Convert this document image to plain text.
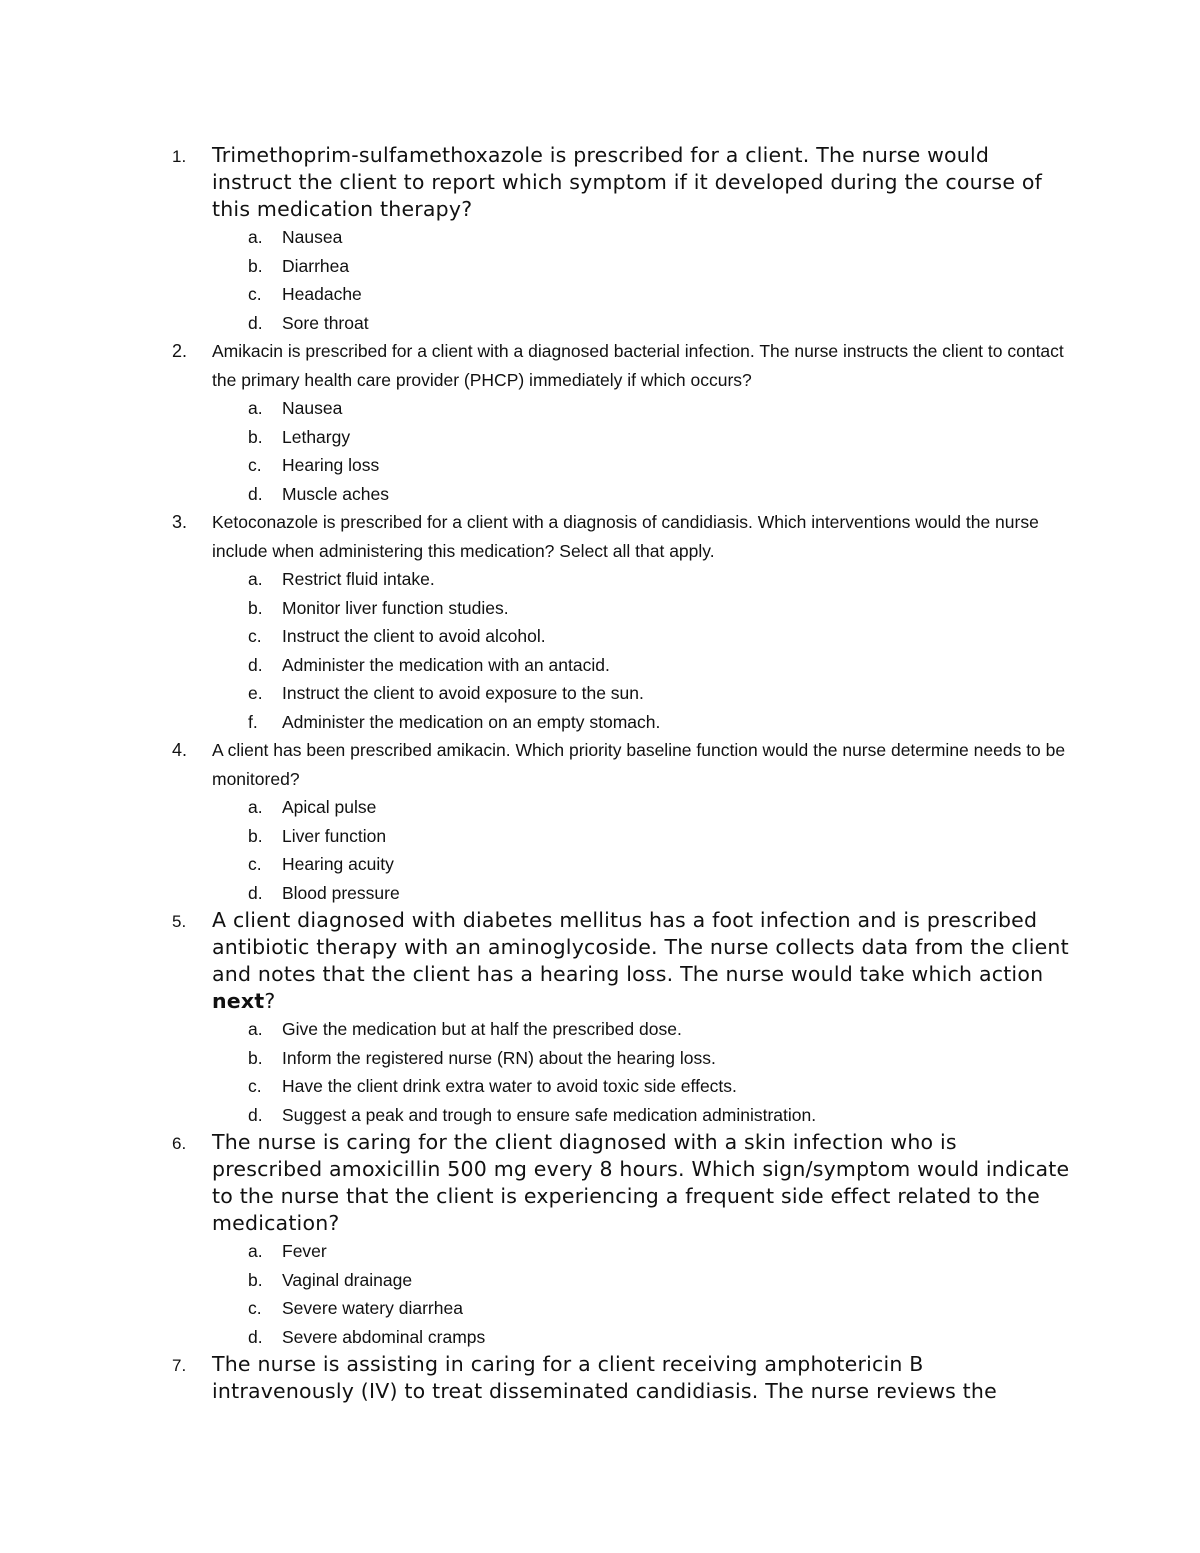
1. Trimethoprim-sulfamethoxazole is prescribed for a client. The nurse would instruct the client to report which symptom if it developed during the course of this medication therapy?
a. Nausea
b. Diarrhea
c. Headache
d. Sore throat
2. Amikacin is prescribed for a client with a diagnosed bacterial infection. The nurse instructs the client to contact the primary health care provider (PHCP) immediately if which occurs?
a. Nausea
b. Lethargy
c. Hearing loss
d. Muscle aches
3. Ketoconazole is prescribed for a client with a diagnosis of candidiasis. Which interventions would the nurse include when administering this medication? Select all that apply.
a. Restrict fluid intake.
b. Monitor liver function studies.
c. Instruct the client to avoid alcohol.
d. Administer the medication with an antacid.
e. Instruct the client to avoid exposure to the sun.
f. Administer the medication on an empty stomach.
4. A client has been prescribed amikacin. Which priority baseline function would the nurse determine needs to be monitored?
a. Apical pulse
b. Liver function
c. Hearing acuity
d. Blood pressure
5. A client diagnosed with diabetes mellitus has a foot infection and is prescribed antibiotic therapy with an aminoglycoside. The nurse collects data from the client and notes that the client has a hearing loss. The nurse would take which action next?
a. Give the medication but at half the prescribed dose.
b. Inform the registered nurse (RN) about the hearing loss.
c. Have the client drink extra water to avoid toxic side effects.
d. Suggest a peak and trough to ensure safe medication administration.
6. The nurse is caring for the client diagnosed with a skin infection who is prescribed amoxicillin 500 mg every 8 hours. Which sign/symptom would indicate to the nurse that the client is experiencing a frequent side effect related to the medication?
a. Fever
b. Vaginal drainage
c. Severe watery diarrhea
d. Severe abdominal cramps
7. The nurse is assisting in caring for a client receiving amphotericin B intravenously (IV) to treat disseminated candidiasis. The nurse reviews the
